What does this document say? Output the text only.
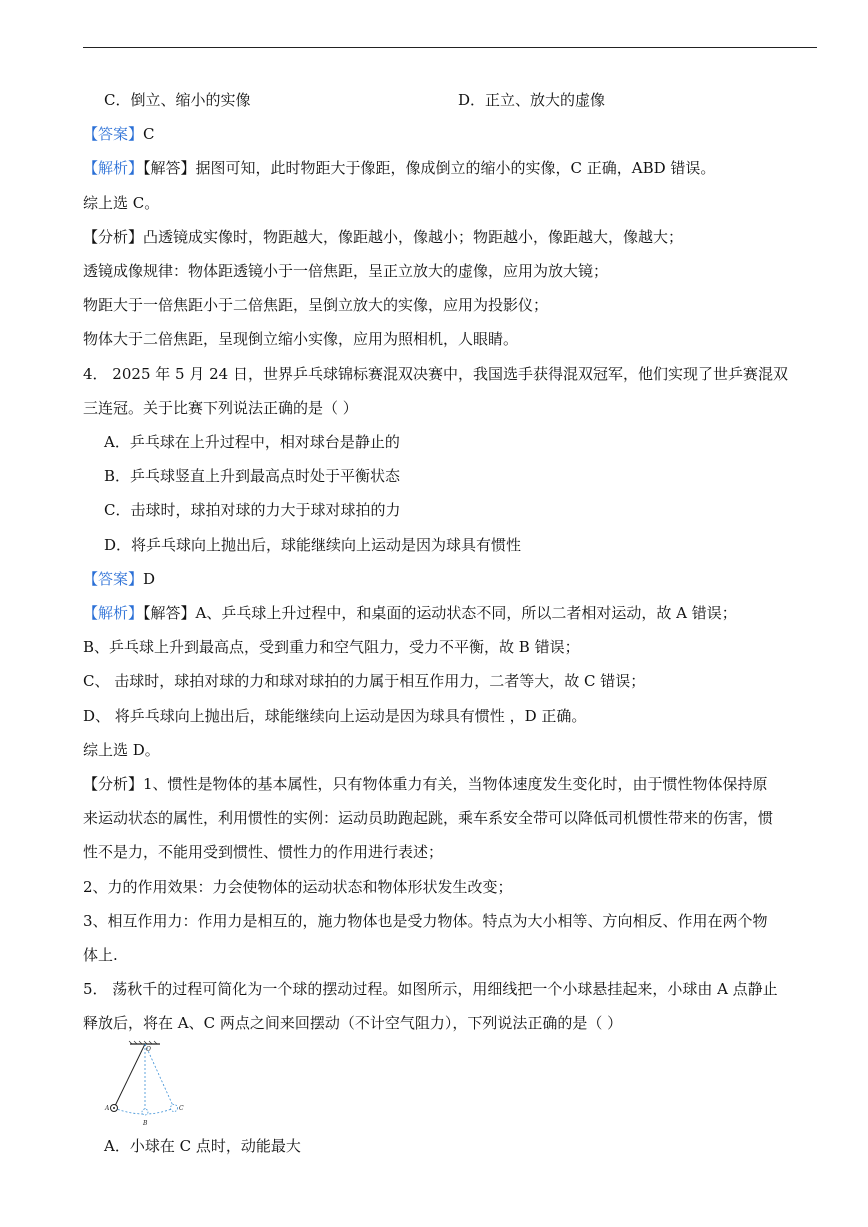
C．倒立、缩小的实像	D．正立、放大的虚像
【答案】C
【解析】【解答】据图可知，此时物距大于像距，像成倒立的缩小的实像，C 正确，ABD 错误。
综上选 C。
【分析】凸透镜成实像时，物距越大，像距越小，像越小；物距越小，像距越大，像越大；
透镜成像规律：物体距透镜小于一倍焦距，呈正立放大的虚像，应用为放大镜；
物距大于一倍焦距小于二倍焦距，呈倒立放大的实像，应用为投影仪；
物体大于二倍焦距，呈现倒立缩小实像，应用为照相机，人眼睛。
4． 2025 年 5 月 24 日，世界乒乓球锦标赛混双决赛中，我国选手获得混双冠军，他们实现了世乒赛混双
三连冠。关于比赛下列说法正确的是（ ）
A．乒乓球在上升过程中，相对球台是静止的
B．乒乓球竖直上升到最高点时处于平衡状态
C．击球时，球拍对球的力大于球对球拍的力
D．将乒乓球向上抛出后，球能继续向上运动是因为球具有惯性
【答案】D
【解析】【解答】A、乒乓球上升过程中，和桌面的运动状态不同，所以二者相对运动，故 A 错误；
B、乒乓球上升到最高点，受到重力和空气阻力，受力不平衡，故 B 错误；
C、 击球时，球拍对球的力和球对球拍的力属于相互作用力，二者等大，故 C 错误；
D、 将乒乓球向上抛出后，球能继续向上运动是因为球具有惯性 ，D 正确。
综上选 D。
【分析】1、惯性是物体的基本属性，只有物体重力有关，当物体速度发生变化时，由于惯性物体保持原
来运动状态的属性，利用惯性的实例：运动员助跑起跳，乘车系安全带可以降低司机惯性带来的伤害，惯
性不是力，不能用受到惯性、惯性力的作用进行表述；
2、力的作用效果：力会使物体的运动状态和物体形状发生改变；
3、相互作用力：作用力是相互的，施力物体也是受力物体。特点为大小相等、方向相反、作用在两个物
体上.
5． 荡秋千的过程可简化为一个球的摆动过程。如图所示，用细线把一个小球悬挂起来，小球由 A 点静止
释放后，将在 A、C 两点之间来回摆动（不计空气阻力），下列说法正确的是（ ）
O
A
B
C
A．小球在 C 点时，动能最大
